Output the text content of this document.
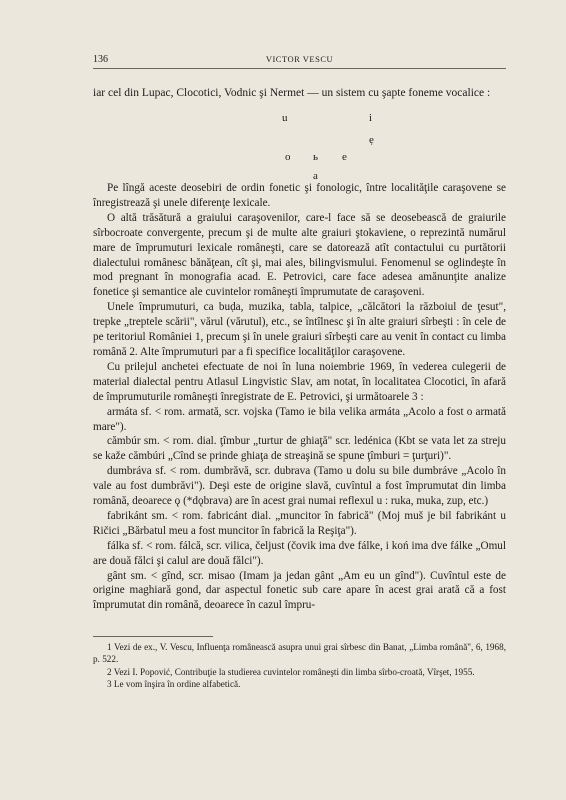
136	VICTOR VESCU
iar cel din Lupac, Clocotici, Vodnic şi Nermet — un sistem cu şapte foneme vocalice :
u	i
ẹ
o ь e
a

Pe lîngă aceste deosebiri de ordin fonetic şi fonologic, între localităţile caraşovene se înregistrează şi unele diferenţe lexicale.

O altă trăsătură a graiului caraşovenilor, care-l face să se deosebească de graiurile sîrbocroate convergente, precum şi de multe alte graiuri ştokaviene, o reprezintă numărul mare de împrumuturi lexicale româneşti, care se datorează atît contactului cu purtătorii dialectului românesc bănăţean, cît şi, mai ales, bilingvismului. Fenomenul se oglindeşte în mod pregnant în monografia acad. E. Petrovici, care face adesea amănunţite analize fonetice şi semantice ale cuvintelor româneşti împrumutate de caraşoveni.

Unele împrumuturi, ca buḍa, muzika, tabla, talpice, „călcători la războiul de ţesut", trepke „treptele scării", vărul (vărutul), etc., se întîlnesc şi în alte graiuri sîrbeşti : în cele de pe teritoriul României 1, precum şi în unele graiuri sîrbeşti care au venit în contact cu limba română 2. Alte împrumuturi par a fi specifice localităţilor caraşovene.

Cu prilejul anchetei efectuate de noi în luna noiembrie 1969, în vederea culegerii de material dialectal pentru Atlasul Lingvistic Slav, am notat, în localitatea Clocotici, în afară de împrumuturile româneşti înregistrate de E. Petrovici, şi următoarele 3 :

armáta sf. < rom. armată, scr. vojska (Tamo ie bila velika armáta „Acolo a fost o armată mare").

cămbúr sm. < rom. dial. ţîmbur „turtur de ghiaţă" scr. ledénica (Kbt se vata let za streju se kaže cămbúri „Cînd se prinde ghiaţa de streaşină se spune ţîmburi = ţurţuri)".

dumbráva sf. < rom. dumbrăvă, scr. dubrava (Tamo u dolu su bile dumbráve „Acolo în vale au fost dumbrăvi"). Deşi este de origine slavă, cuvîntul a fost împrumutat din limba română, deoarece ǫ (*dǫbrava) are în acest grai numai reflexul u : ruka, muka, zup, etc.)

fabrikánt sm. < rom. fabricánt dial. „muncitor în fabrică" (Moj muš je bil fabrikánt u Ričici „Bărbatul meu a fost muncitor în fabrică la Reşiţa").

fálka sf. < rom. fálcă, scr. vilica, čeljust (čovik ima dve fálke, i koń ima dve fálke „Omul are două fălci şi calul are două fălci").

gânt sm. < gînd, scr. misao (Imam ja jedan gânt „Am eu un gînd"). Cuvîntul este de origine maghiară gond, dar aspectul fonetic sub care apare în acest grai arată că a fost împrumutat din română, deoarece în cazul împru-

1 Vezi de ex., V. Vescu, Influenţa românească asupra unui grai sîrbesc din Banat, „Limba română", 6, 1968, p. 522.

2 Vezi I. Popović, Contribuţie la studierea cuvintelor româneşti din limba sîrbo-croată, Vîrşet, 1955.

3 Le vom înşira în ordine alfabetică.
